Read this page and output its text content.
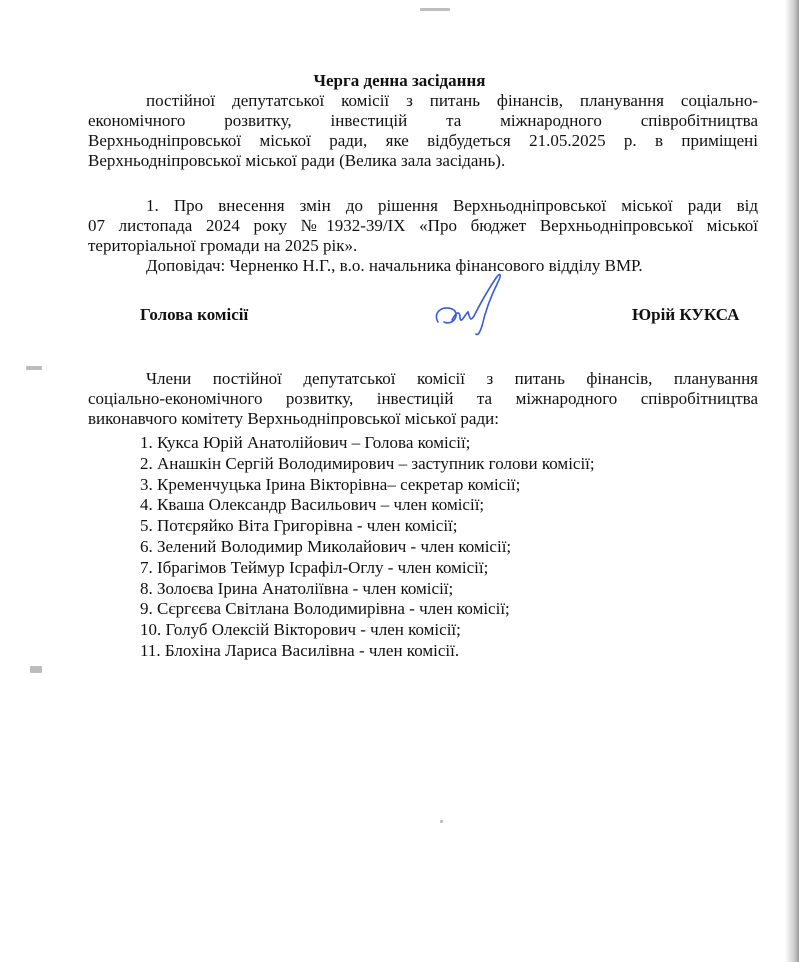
Черга денна засідання

постійної депутатської комісії з питань фінансів, планування соціально-
економічного розвитку, інвестицій та міжнародного співробітництва
Верхньодніпровської міської ради, яке відбудеться 21.05.2025 р. в приміщені
Верхньодніпровської міської ради (Велика зала засідань).
1. Про внесення змін до рішення Верхньодніпровської міської ради від
07 листопада 2024 року №1932-39/IX «Про бюджет Верхньодніпровської міської
територіальної громади на 2025 рік».
Доповідач: Черненко Н.Г., в.о. начальника фінансового відділу ВМР.
Голова комісії	Юрій КУКСА
Члени постійної депутатської комісії з питань фінансів, планування
соціально-економічного розвитку, інвестицій та міжнародного співробітництва
виконавчого комітету Верхньодніпровської міської ради:
1. Кукса Юрій Анатолійович – Голова комісії;
2. Анашкін Сергій Володимирович – заступник голови комісії;
3. Кременчуцька Ірина Вікторівна– секретар комісії;
4. Кваша Олександр Васильович – член комісії;
5. Потєряйко Віта Григорівна - член комісії;
6. Зелений Володимир Миколайович - член комісії;
7. Ібрагімов Теймур Ісрафіл-Оглу - член комісії;
8. Золоєва Ірина Анатоліївна - член комісії;
9. Сєргєєва Світлана Володимирівна - член комісії;
10. Голуб Олексій Вікторович - член комісії;
11. Блохіна Лариса Василівна - член комісії.
